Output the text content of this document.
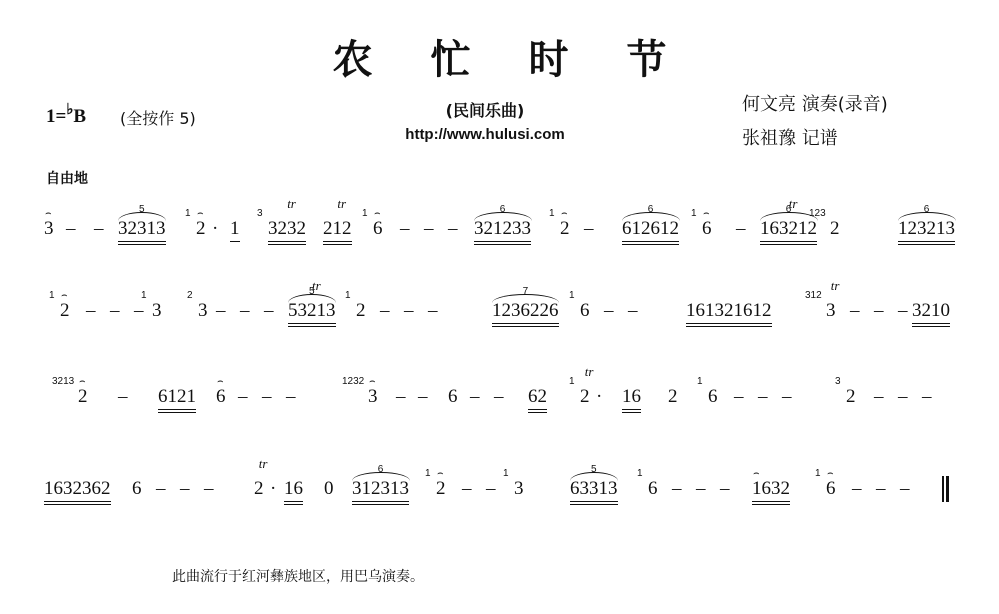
农忙时节
1=♭B (全按作 5)	(民间乐曲)
http://www.hulusi.com
何文亮 演奏(录音)
张祖豫 记谱
自由地
3
⌢
– – 32313
5
2
1 ⌢
· 1 3232
3
tr
212
tr
6
1 ⌢
– – – 321233
6
2
1 ⌢
– 612612
6
6
1 ⌢
– 163212
6
tr
2
123
123213
6
2
1 ⌢
– – – 3
1
3
2
– – – 53213
5
tr
2
1
– – –	1236226
7
6
1
– –	161321612	3
312
tr
– – – 3210
2
3213 ⌢
– 6121 6
⌢
– – –	3
1232 ⌢
– – 6 – – 62 2
1
tr
· 16 2 6
1
– – –	2
3
– – –
1632362 6 – – – 2
tr
· 16 0 312313
6
2
1 ⌢
– – 3
1
63313
5
6
1
– – – 1632
⌢
6
1 ⌢
– – –
此曲流行于红河彝族地区，用巴乌演奏。
